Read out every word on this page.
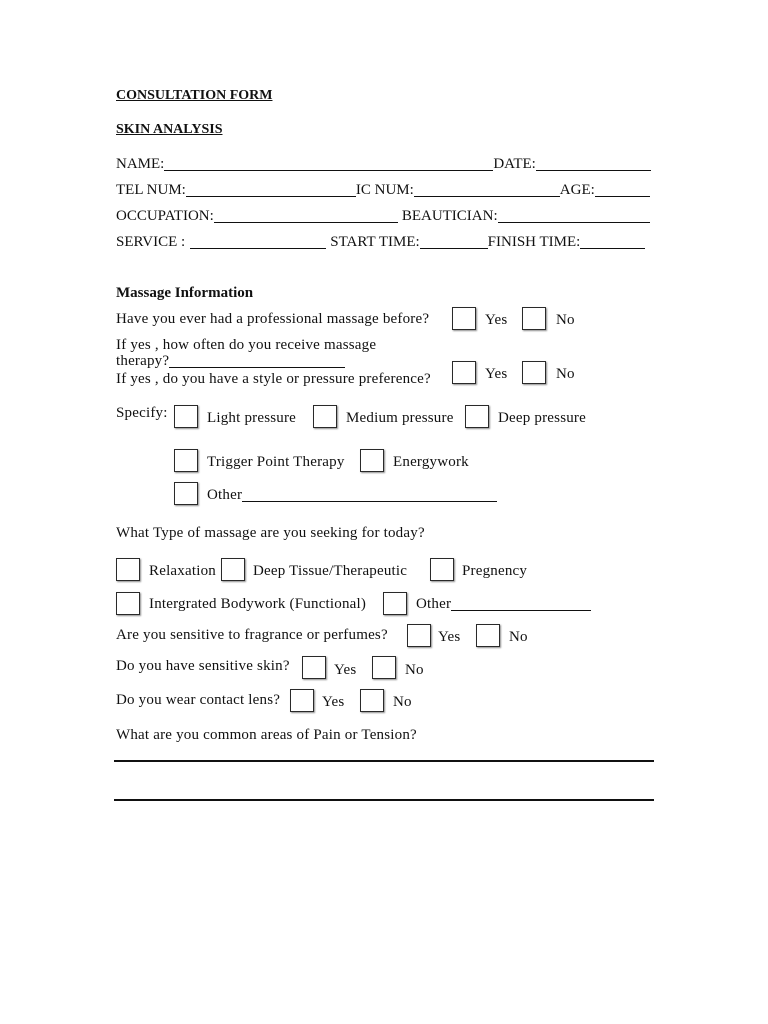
CONSULTATION FORM
SKIN ANALYSIS
NAME:	DATE:
TEL NUM:	IC NUM:	AGE:
OCCUPATION:	BEAUTICIAN:
SERVICE :	START TIME:	FINISH TIME:
Massage Information
Have you ever had a professional massage before?	Yes	No
If yes , how often do you receive massage
therapy?
If yes , do you have a style or pressure preference?	Yes	No
Specify:	Light pressure	Medium pressure	Deep pressure
Trigger Point Therapy	Energywork
Other
What Type of massage are you seeking for today?
Relaxation Deep Tissue/Therapeutic	Pregnency
Intergrated Bodywork (Functional)	Other
Are you sensitive to fragrance or perfumes?	Yes	No
Do you have sensitive skin?	Yes	No
Do you wear contact lens?	Yes	No
What are you common areas of Pain or Tension?
